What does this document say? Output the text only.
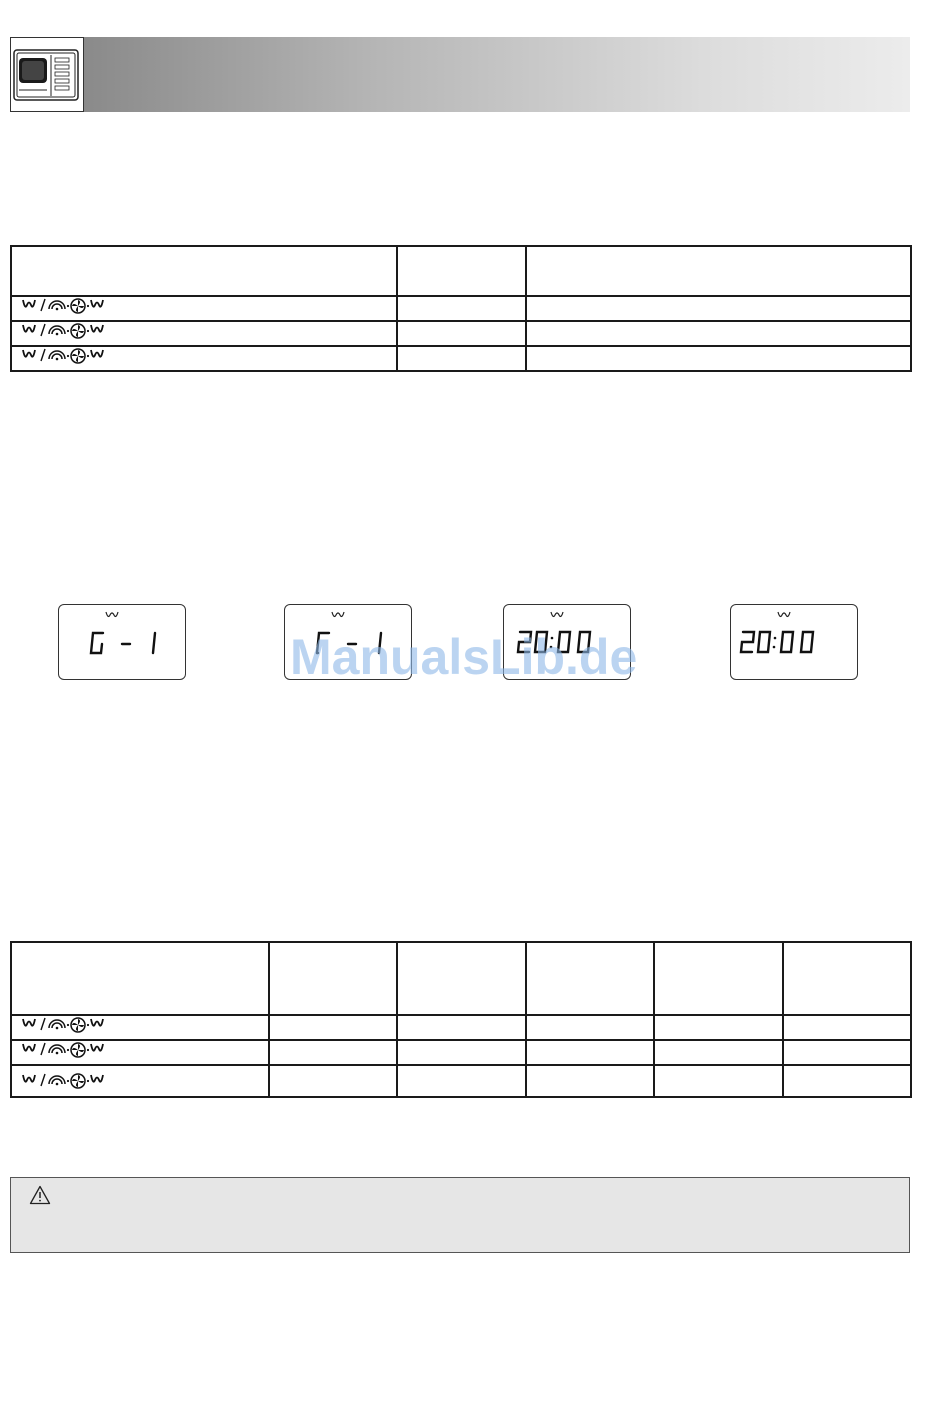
ManualsLib.de
